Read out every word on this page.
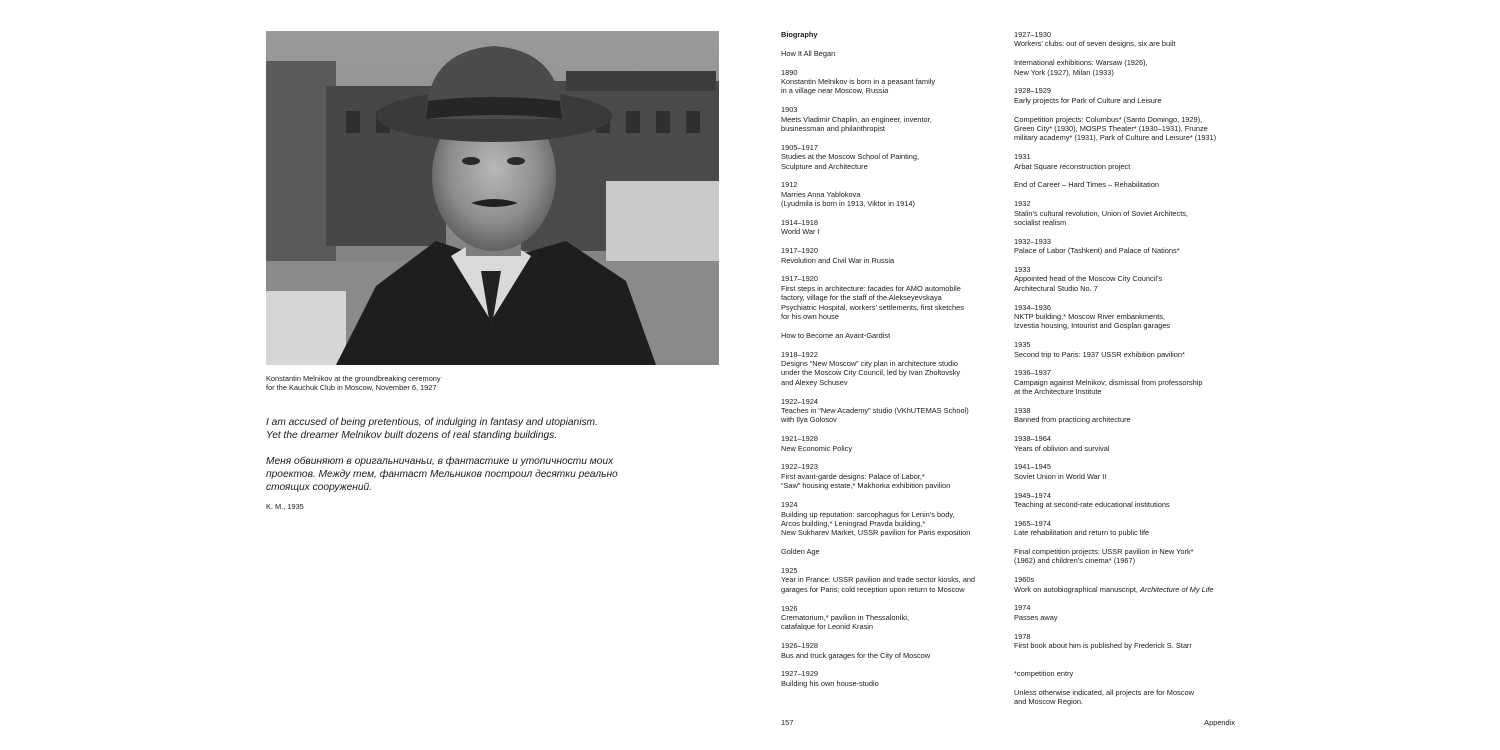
Konstantin Melnikov at the groundbreaking ceremony
for the Kauchuk Club in Moscow, November 6, 1927

I am accused of being pretentious, of indulging in fantasy and utopianism.
Yet the dreamer Melnikov built dozens of real standing buildings.

Меня обвиняют в оригальничаньи, в фантастике и утопичности моих
проектов. Между тем, фантаст Мельников построил десятки реально
стоящих сооружений.

K. M., 1935

Biography
How It All Began
1890
Konstantin Melnikov is born in a peasant family
in a village near Moscow, Russia
1903
Meets Vladimir Chaplin, an engineer, inventor,
businessman and philanthropist
1905–1917
Studies at the Moscow School of Painting,
Sculpture and Architecture
1912
Marries Anna Yablokova
(Lyudmila is born in 1913, Viktor in 1914)
1914–1918
World War I
1917–1920
Revolution and Civil War in Russia
1917–1920
First steps in architecture: facades for AMO automobile
factory, village for the staff of the Alekseyevskaya
Psychiatric Hospital, workers’ settlements, first sketches
for his own house
How to Become an Avant-Gardist
1918–1922
Designs “New Moscow” city plan in architecture studio
under the Moscow City Council, led by Ivan Zholtovsky
and Alexey Schusev
1922–1924
Teaches in “New Academy” studio (VKhUTEMAS School)
with Ilya Golosov
1921–1928
New Economic Policy
1922–1923
First avant-garde designs: Palace of Labor,*
“Saw” housing estate,* Makhorka exhibition pavilion
1924
Building up reputation: sarcophagus for Lenin’s body,
Arcos building,* Leningrad Pravda building,*
New Sukharev Market, USSR pavilion for Paris exposition
Golden Age
1925
Year in France: USSR pavilion and trade sector kiosks, and
garages for Paris; cold reception upon return to Moscow
1926
Crematorium,* pavilion in Thessaloníki,
catafalque for Leonid Krasin
1926–1928
Bus and truck garages for the City of Moscow
1927–1929
Building his own house-studio
1927–1930
Workers’ clubs: out of seven designs, six are built
International exhibitions: Warsaw (1926),
New York (1927), Milan (1933)
1928–1929
Early projects for Park of Culture and Leisure
Competition projects: Columbus* (Santo Domingo, 1929),
Green City* (1930), MOSPS Theater* (1930–1931), Frunze
military academy* (1931), Park of Culture and Leisure* (1931)
1931
Arbat Square reconstruction project
End of Career – Hard Times – Rehabilitation
1932
Stalin’s cultural revolution, Union of Soviet Architects,
socialist realism
1932–1933
Palace of Labor (Tashkent) and Palace of Nations*
1933
Appointed head of the Moscow City Council’s
Architectural Studio No. 7
1934–1936
NKTP building,* Moscow River embankments,
Izvestia housing, Intourist and Gosplan garages
1935
Second trip to Paris: 1937 USSR exhibition pavilion*
1936–1937
Campaign against Melnikov; dismissal from professorship
at the Architecture Institute
1938
Banned from practicing architecture
1938–1964
Years of oblivion and survival
1941–1945
Soviet Union in World War II
1949–1974
Teaching at second-rate educational institutions
1965–1974
Late rehabilitation and return to public life
Final competition projects: USSR pavilion in New York*
(1962) and children’s cinema* (1967)
1960s
Work on autobiographical manuscript, Architecture of My Life
1974
Passes away
1978
First book about him is published by Frederick S. Starr
*competition entry
Unless otherwise indicated, all projects are for Moscow
and Moscow Region.
157	Appendix
